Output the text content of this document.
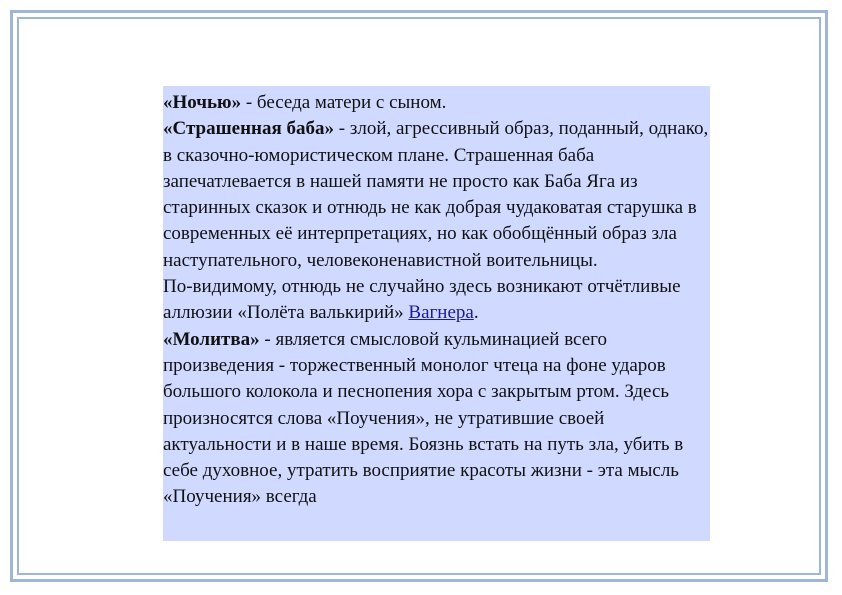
«Ночью» - беседа матери с сыном.

«Страшенная баба» - злой, агрессивный образ, поданный, однако, в сказочно-юмористическом плане. Страшенная баба запечатлевается в нашей памяти не просто как Баба Яга из старинных сказок и отнюдь не как добрая чудаковатая старушка в современных её интерпретациях, но как обобщённый образ зла наступательного, человеконенавистной воительницы.

По-видимому, отнюдь не случайно здесь возникают отчётливые аллюзии «Полёта валькирий» Вагнера.

«Молитва» - является смысловой кульминацией всего произведения - торжественный монолог чтеца на фоне ударов большого колокола и песнопения хора с закрытым ртом. Здесь произносятся слова «Поучения», не утратившие своей актуальности и в наше время. Боязнь встать на путь зла, убить в себе духовное, утратить восприятие красоты жизни - эта мысль «Поучения» всегда
